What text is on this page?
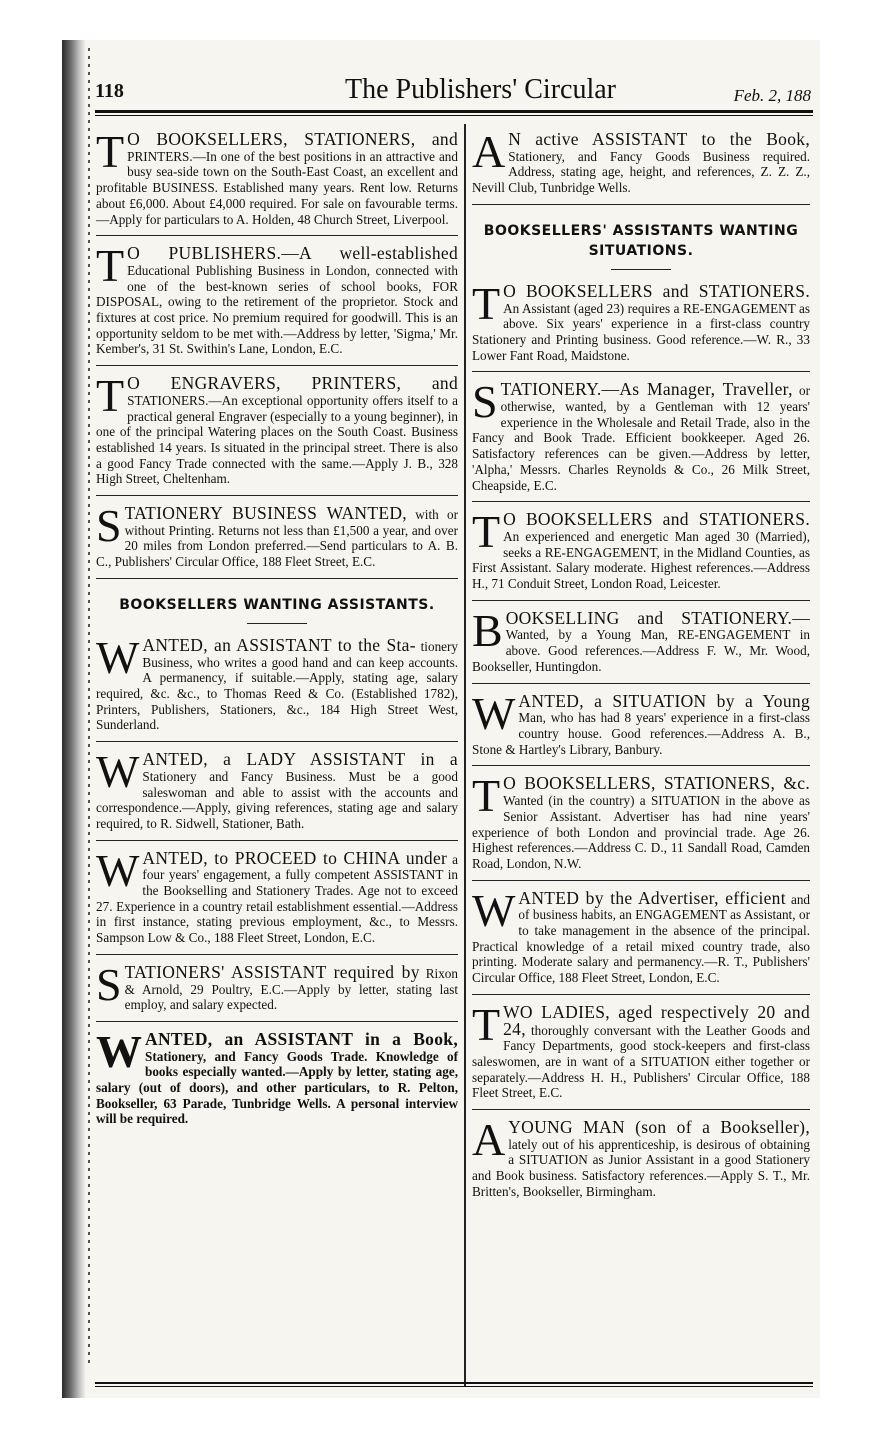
118	The Publishers' Circular	Feb. 2, 188
T O BOOKSELLERS, STATIONERS, and PRINTERS.—In one of the best positions in an attractive and busy sea-side town on the South-East Coast, an excellent and profitable BUSINESS. Established many years. Rent low. Returns about £6,000. About £4,000 required. For sale on favourable terms.—Apply for particulars to A. Holden, 48 Church Street, Liverpool.
T O PUBLISHERS.—A well-established Educational Publishing Business in London, connected with one of the best-known series of school books, FOR DISPOSAL, owing to the retirement of the proprietor. Stock and fixtures at cost price. No premium required for goodwill. This is an opportunity seldom to be met with.—Address by letter, 'Sigma,' Mr. Kember's, 31 St. Swithin's Lane, London, E.C.
T O ENGRAVERS, PRINTERS, and STATIONERS.—An exceptional opportunity offers itself to a practical general Engraver (especially to a young beginner), in one of the principal Watering places on the South Coast. Business established 14 years. Is situated in the principal street. There is also a good Fancy Trade connected with the same.—Apply J. B., 328 High Street, Cheltenham.
STATIONERY BUSINESS WANTED, with or without Printing. Returns not less than £1,500 a year, and over 20 miles from London preferred.—Send particulars to A. B. C., Publishers' Circular Office, 188 Fleet Street, E.C.
BOOKSELLERS WANTING ASSISTANTS.
WANTED, an ASSISTANT to the Sta- tionery Business, who writes a good hand and can keep accounts. A permanency, if suitable.—Apply, stating age, salary required, &c. &c., to Thomas Reed & Co. (Established 1782), Printers, Publishers, Stationers, &c., 184 High Street West, Sunderland.
WANTED, a LADY ASSISTANT in a Stationery and Fancy Business. Must be a good saleswoman and able to assist with the accounts and correspondence.—Apply, giving references, stating age and salary required, to R. Sidwell, Stationer, Bath.
WANTED, to PROCEED to CHINA under a four years' engagement, a fully competent ASSISTANT in the Bookselling and Stationery Trades. Age not to exceed 27. Experience in a country retail establishment essential.—Address in first instance, stating previous employment, &c., to Messrs. Sampson Low & Co., 188 Fleet Street, London, E.C.
STATIONERS' ASSISTANT required by Rixon & Arnold, 29 Poultry, E.C.—Apply by letter, stating last employ, and salary expected.
WANTED, an ASSISTANT in a Book, Stationery, and Fancy Goods Trade. Knowledge of books especially wanted.—Apply by letter, stating age, salary (out of doors), and other particulars, to R. Pelton, Bookseller, 63 Parade, Tunbridge Wells. A personal interview will be required.
A N active ASSISTANT to the Book, Stationery, and Fancy Goods Business required. Address, stating age, height, and references, Z. Z. Z., Nevill Club, Tunbridge Wells.
BOOKSELLERS' ASSISTANTS WANTING SITUATIONS.
T O BOOKSELLERS and STATIONERS. An Assistant (aged 23) requires a RE-ENGAGEMENT as above. Six years' experience in a first-class country Stationery and Printing business. Good reference.—W. R., 33 Lower Fant Road, Maidstone.
STATIONERY.—As Manager, Traveller, or otherwise, wanted, by a Gentleman with 12 years' experience in the Wholesale and Retail Trade, also in the Fancy and Book Trade. Efficient bookkeeper. Aged 26. Satisfactory references can be given.—Address by letter, 'Alpha,' Messrs. Charles Reynolds & Co., 26 Milk Street, Cheapside, E.C.
T O BOOKSELLERS and STATIONERS. An experienced and energetic Man aged 30 (Married), seeks a RE-ENGAGEMENT, in the Midland Counties, as First Assistant. Salary moderate. Highest references.—Address H., 71 Conduit Street, London Road, Leicester.
BOOKSELLING and STATIONERY.— Wanted, by a Young Man, RE-ENGAGEMENT in above. Good references.—Address F. W., Mr. Wood, Bookseller, Huntingdon.
WANTED, a SITUATION by a Young Man, who has had 8 years' experience in a first-class country house. Good references.—Address A. B., Stone & Hartley's Library, Banbury.
T O BOOKSELLERS, STATIONERS, &c. Wanted (in the country) a SITUATION in the above as Senior Assistant. Advertiser has had nine years' experience of both London and provincial trade. Age 26. Highest references.—Address C. D., 11 Sandall Road, Camden Road, London, N.W.
WANTED by the Advertiser, efficient and of business habits, an ENGAGEMENT as Assistant, or to take management in the absence of the principal. Practical knowledge of a retail mixed country trade, also printing. Moderate salary and permanency.—R. T., Publishers' Circular Office, 188 Fleet Street, London, E.C.
TWO LADIES, aged respectively 20 and 24, thoroughly conversant with the Leather Goods and Fancy Departments, good stock-keepers and first-class saleswomen, are in want of a SITUATION either together or separately.—Address H. H., Publishers' Circular Office, 188 Fleet Street, E.C.
A YOUNG MAN (son of a Bookseller), lately out of his apprenticeship, is desirous of obtaining a SITUATION as Junior Assistant in a good Stationery and Book business. Satisfactory references.—Apply S. T., Mr. Britten's, Bookseller, Birmingham.
